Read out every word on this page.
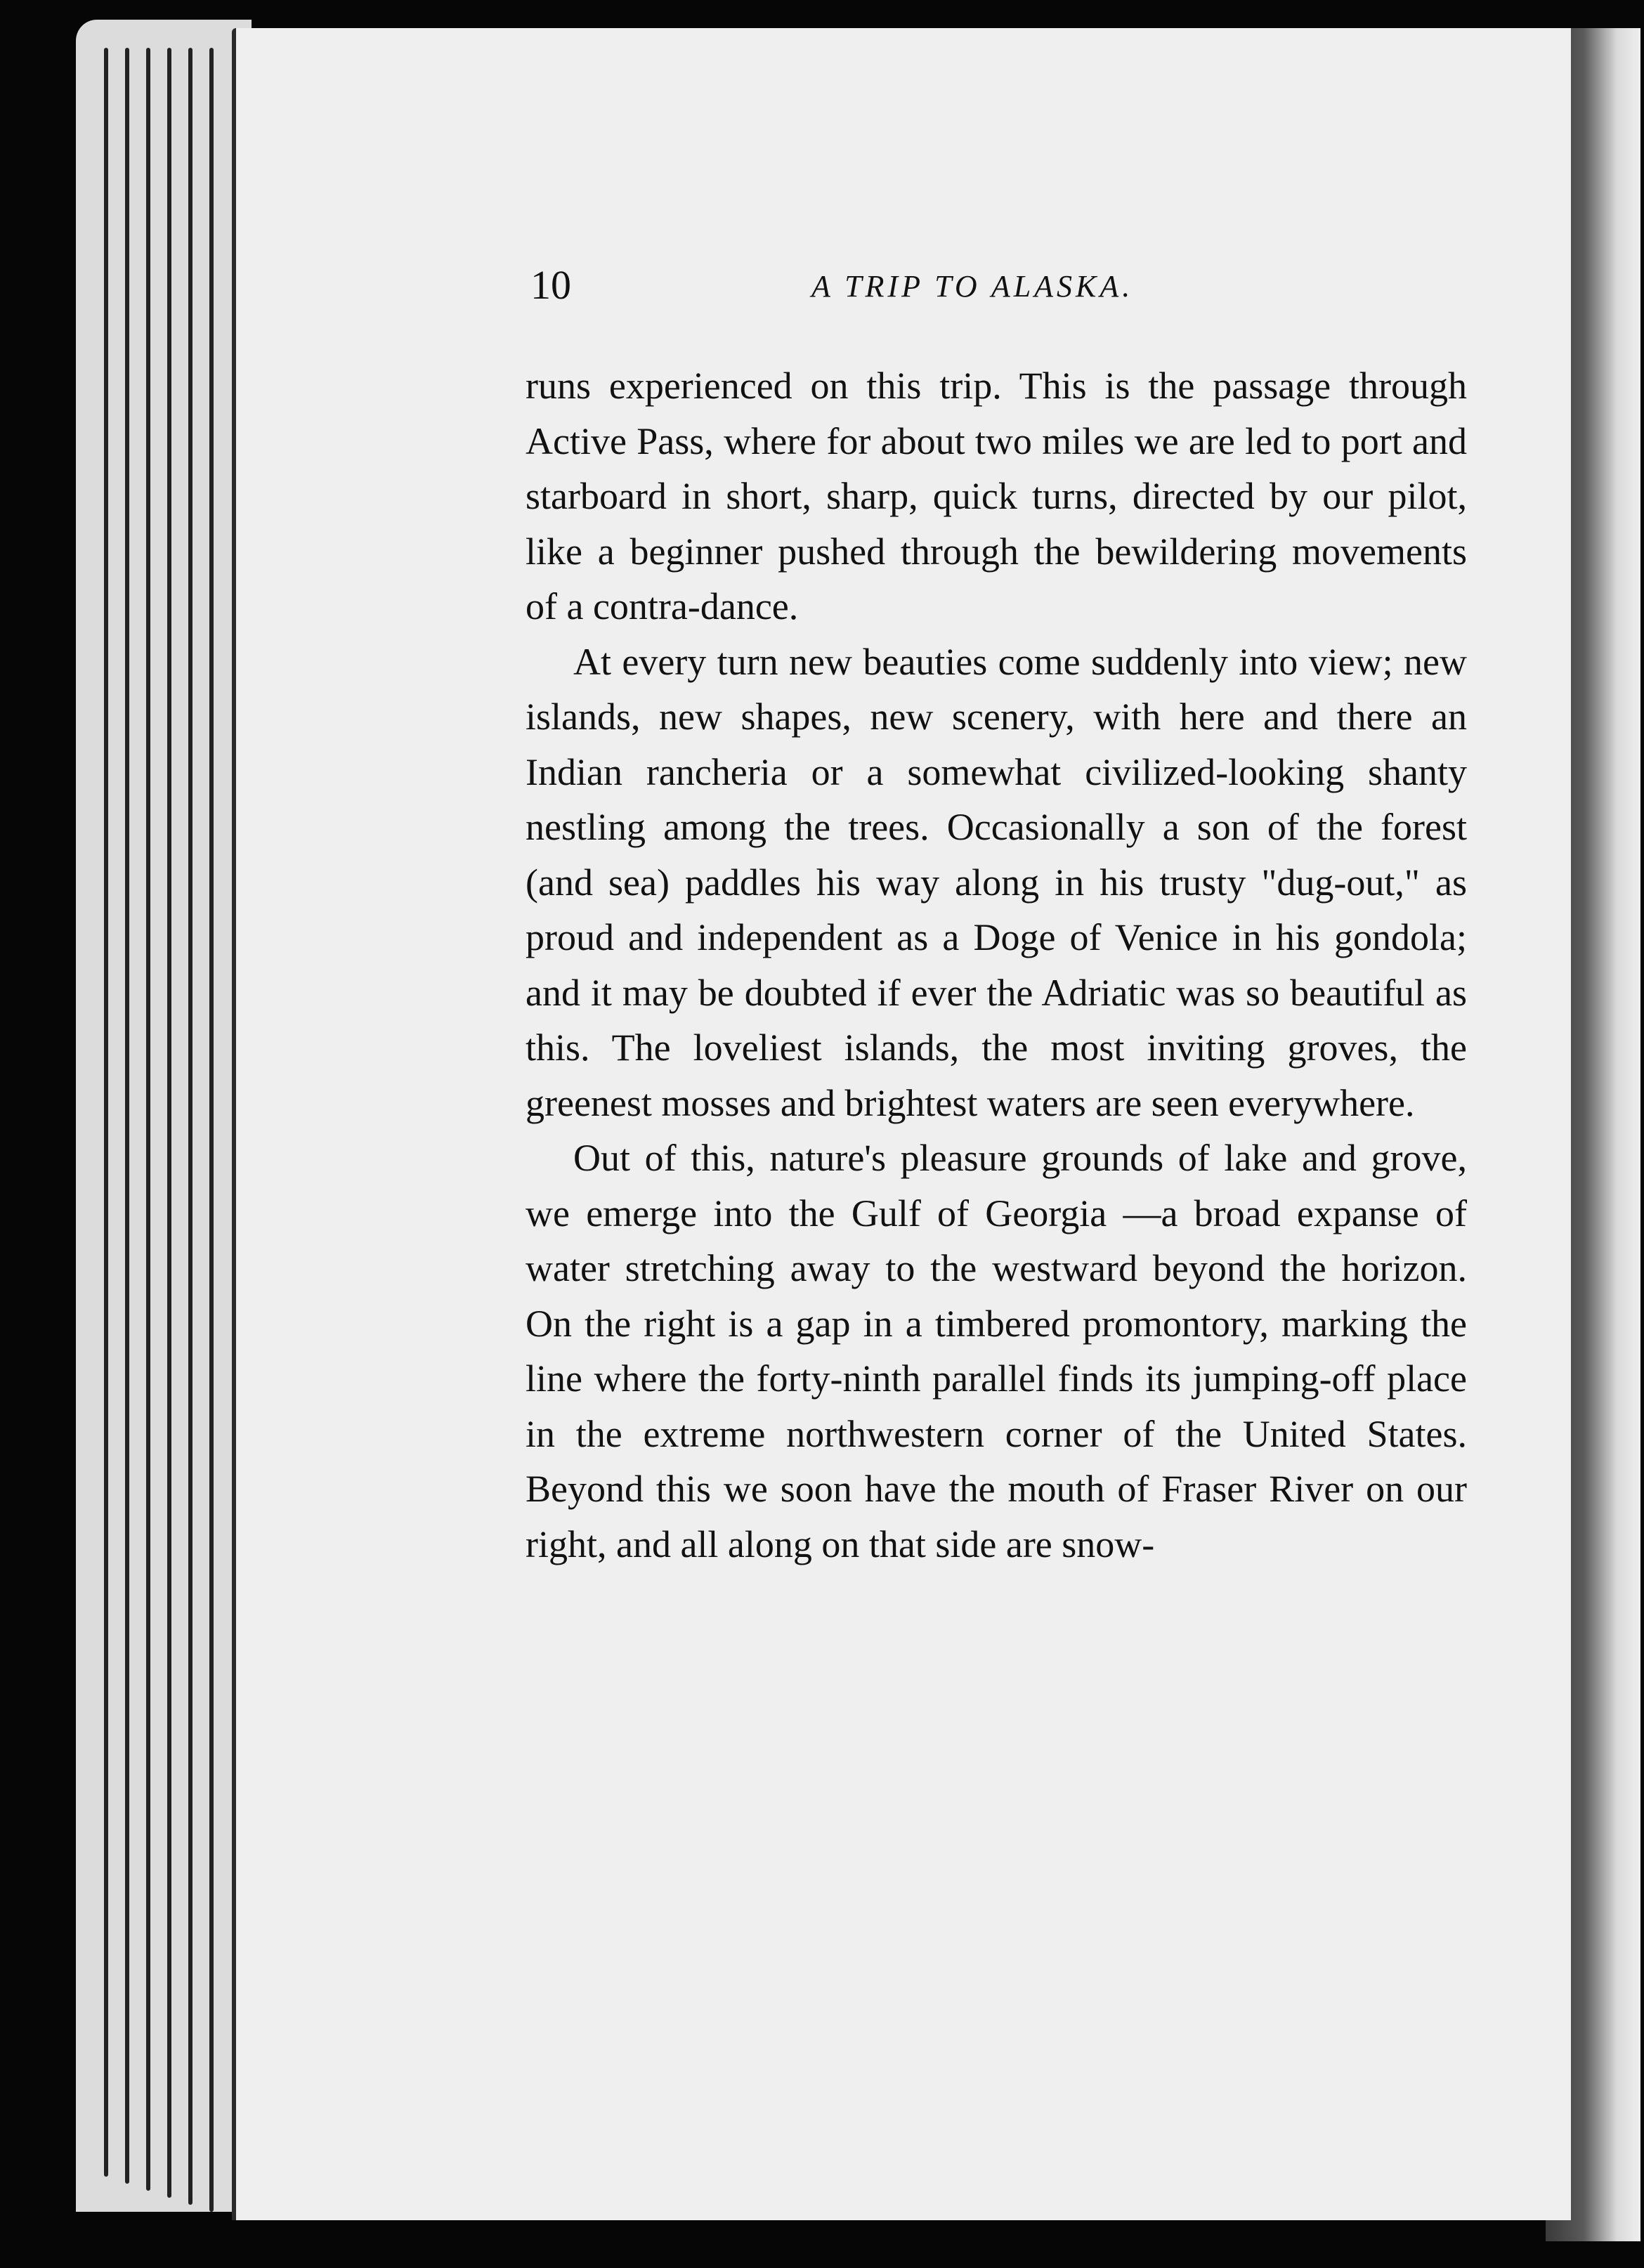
10	A TRIP TO ALASKA.

runs experienced on this trip. This is the passage through Active Pass, where for about two miles we are led to port and starboard in short, sharp, quick turns, directed by our pilot, like a beginner pushed through the bewildering movements of a contra-dance.

At every turn new beauties come suddenly into view; new islands, new shapes, new scenery, with here and there an Indian rancheria or a somewhat civilized-looking shanty nestling among the trees. Occasionally a son of the forest (and sea) paddles his way along in his trusty "dug-out," as proud and independent as a Doge of Venice in his gondola; and it may be doubted if ever the Adriatic was so beautiful as this. The loveliest islands, the most inviting groves, the greenest mosses and brightest waters are seen everywhere.

Out of this, nature's pleasure grounds of lake and grove, we emerge into the Gulf of Georgia —a broad expanse of water stretching away to the westward beyond the horizon. On the right is a gap in a timbered promontory, marking the line where the forty-ninth parallel finds its jumping-off place in the extreme northwestern corner of the United States. Beyond this we soon have the mouth of Fraser River on our right, and all along on that side are snow-
